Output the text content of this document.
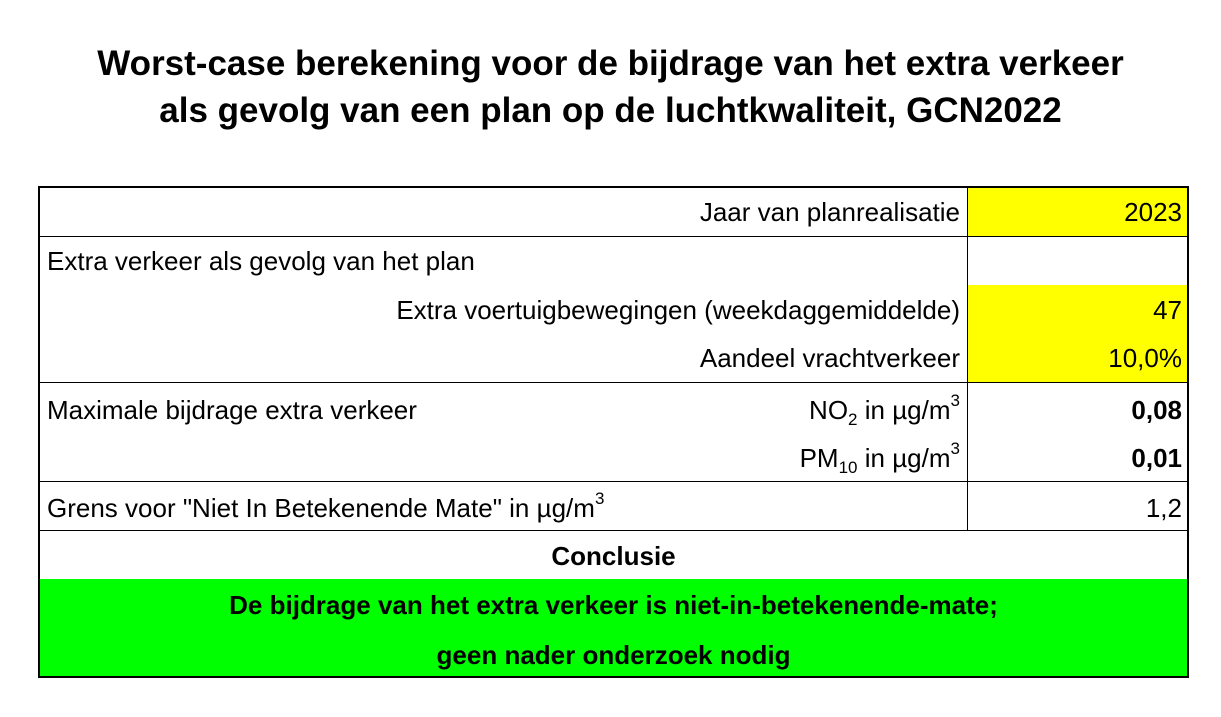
Worst-case berekening voor de bijdrage van het extra verkeer
als gevolg van een plan op de luchtkwaliteit, GCN2022
Jaar van planrealisatie	2023
Extra verkeer als gevolg van het plan
Extra voertuigbewegingen (weekdaggemiddelde)	47
Aandeel vrachtverkeer	10,0%
Maximale bijdrage extra verkeer	$NO_2$ in $\mu g/m^3$	0,08
$PM_{10}$ in $\mu g/m^3$	0,01
Grens voor "Niet In Betekenende Mate" in $\mu g/m^3$	1,2
Conclusie
De bijdrage van het extra verkeer is niet-in-betekenende-mate;
geen nader onderzoek nodig
